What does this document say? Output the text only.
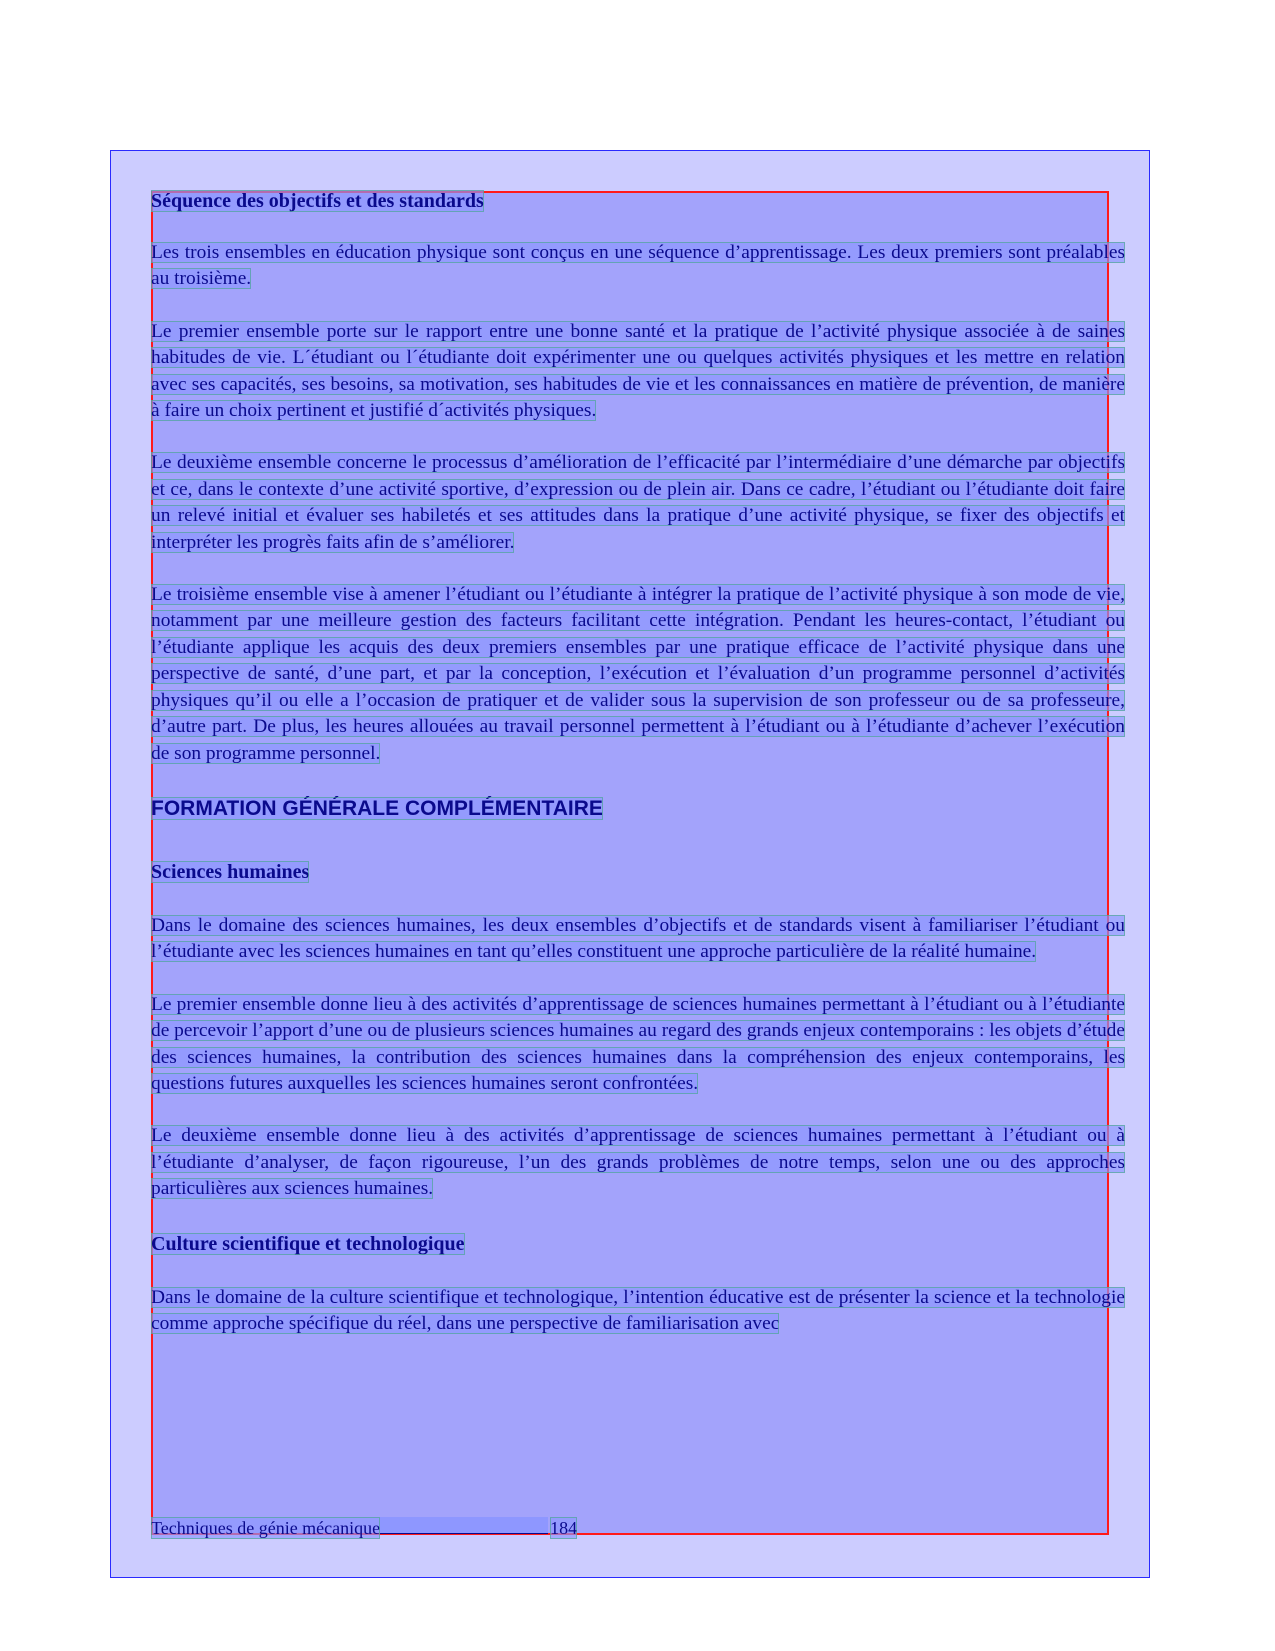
Séquence des objectifs et des standards

Les trois ensembles en éducation physique sont conçus en une séquence d’apprentissage. Les deux premiers sont préalables au troisième.

Le premier ensemble porte sur le rapport entre une bonne santé et la pratique de l’activité physique associée à de saines habitudes de vie. L´étudiant ou l´étudiante doit expérimenter une ou quelques activités physiques et les mettre en relation avec ses capacités, ses besoins, sa motivation, ses habitudes de vie et les connaissances en matière de prévention, de manière à faire un choix pertinent et justifié d´activités physiques.

Le deuxième ensemble concerne le processus d’amélioration de l’efficacité par l’intermédiaire d’une démarche par objectifs et ce, dans le contexte d’une activité sportive, d’expression ou de plein air. Dans ce cadre, l’étudiant ou l’étudiante doit faire un relevé initial et évaluer ses habiletés et ses attitudes dans la pratique d’une activité physique, se fixer des objectifs et interpréter les progrès faits afin de s’améliorer.

Le troisième ensemble vise à amener l’étudiant ou l’étudiante à intégrer la pratique de l’activité physique à son mode de vie, notamment par une meilleure gestion des facteurs facilitant cette intégration. Pendant les heures-contact, l’étudiant ou l’étudiante applique les acquis des deux premiers ensembles par une pratique efficace de l’activité physique dans une perspective de santé, d’une part, et par la conception, l’exécution et l’évaluation d’un programme personnel d’activités physiques qu’il ou elle a l’occasion de pratiquer et de valider sous la supervision de son professeur ou de sa professeure, d’autre part. De plus, les heures allouées au travail personnel permettent à l’étudiant ou à l’étudiante d’achever l’exécution de son programme personnel.

FORMATION GÉNÉRALE COMPLÉMENTAIRE
Sciences humaines

Dans le domaine des sciences humaines, les deux ensembles d’objectifs et de standards visent à familiariser l’étudiant ou l’étudiante avec les sciences humaines en tant qu’elles constituent une approche particulière de la réalité humaine.

Le premier ensemble donne lieu à des activités d’apprentissage de sciences humaines permettant à l’étudiant ou à l’étudiante de percevoir l’apport d’une ou de plusieurs sciences humaines au regard des grands enjeux contemporains : les objets d’étude des sciences humaines, la contribution des sciences humaines dans la compréhension des enjeux contemporains, les questions futures auxquelles les sciences humaines seront confrontées.

Le deuxième ensemble donne lieu à des activités d’apprentissage de sciences humaines permettant à l’étudiant ou à l’étudiante d’analyser, de façon rigoureuse, l’un des grands problèmes de notre temps, selon une ou des approches particulières aux sciences humaines.

Culture scientifique et technologique

Dans le domaine de la culture scientifique et technologique, l’intention éducative est de présenter la science et la technologie comme approche spécifique du réel, dans une perspective de familiarisation avec

Techniques de génie mécanique	184
